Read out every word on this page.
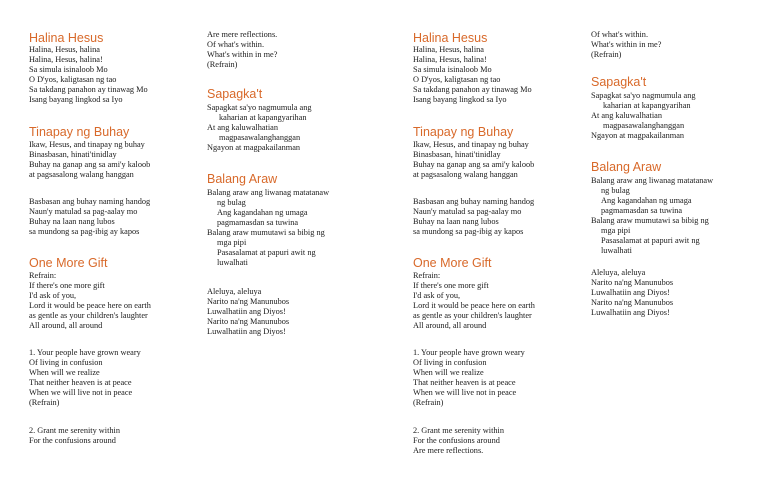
Halina Hesus
Halina, Hesus, halina
Halina, Hesus, halina!
Sa simula isinaloob Mo
O D'yos, kaligtasan ng tao
Sa takdang panahon ay tinawag Mo
Isang bayang lingkod sa Iyo
Tinapay ng Buhay
Ikaw, Hesus, and tinapay ng buhay
Binasbasan, hinati'tinidlay
Buhay na ganap ang sa ami'y kaloob
at pagsasalong walang hanggan
Basbasan ang buhay naming handog
Naun'y matulad sa pag-aalay mo
Buhay na laan nang lubos
sa mundong sa pag-ibig ay kapos
One More Gift
Refrain:
If there's one more gift
I'd ask of you,
Lord it would be peace here on earth
as gentle as your children's laughter
All around, all around
1. Your people have grown weary
Of living in confusion
When will we realize
That neither heaven is at peace
When we will live not in peace
(Refrain)
2. Grant me serenity within
For the confusions around
Are mere reflections.
Of what's within.
What's within in me?
(Refrain)
Sapagka't
Sapagkat sa'yo nagmumula ang
kaharian at kapangyarihan
At ang kaluwalhatian
magpasawalanghanggan
Ngayon at magpakailanman
Balang Araw
Balang araw ang liwanag matatanaw
ng bulag
Ang kagandahan ng umaga
pagmamasdan sa tuwina
Balang araw mumutawi sa bibig ng
mga pipi
Pasasalamat at papuri awit ng
luwalhati
Aleluya, aleluya
Narito na'ng Manunubos
Luwalhatiin ang Diyos!
Narito na'ng Manunubos
Luwalhatiin ang Diyos!
Halina Hesus
Halina, Hesus, halina
Halina, Hesus, halina!
Sa simula isinaloob Mo
O D'yos, kaligtasan ng tao
Sa takdang panahon ay tinawag Mo
Isang bayang lingkod sa Iyo
Tinapay ng Buhay
Ikaw, Hesus, and tinapay ng buhay
Binasbasan, hinati'tinidlay
Buhay na ganap ang sa ami'y kaloob
at pagsasalong walang hanggan
Basbasan ang buhay naming handog
Naun'y matulad sa pag-aalay mo
Buhay na laan nang lubos
sa mundong sa pag-ibig ay kapos
One More Gift
Refrain:
If there's one more gift
I'd ask of you,
Lord it would be peace here on earth
as gentle as your children's laughter
All around, all around
1. Your people have grown weary
Of living in confusion
When will we realize
That neither heaven is at peace
When we will live not in peace
(Refrain)
2. Grant me serenity within
For the confusions around
Are mere reflections.
Of what's within.
What's within in me?
(Refrain)
Sapagka't
Sapagkat sa'yo nagmumula ang
kaharian at kapangyarihan
At ang kaluwalhatian
magpasawalanghanggan
Ngayon at magpakailanman
Balang Araw
Balang araw ang liwanag matatanaw
ng bulag
Ang kagandahan ng umaga
pagmamasdan sa tuwina
Balang araw mumutawi sa bibig ng
mga pipi
Pasasalamat at papuri awit ng
luwalhati
Aleluya, aleluya
Narito na'ng Manunubos
Luwalhatiin ang Diyos!
Narito na'ng Manunubos
Luwalhatiin ang Diyos!
